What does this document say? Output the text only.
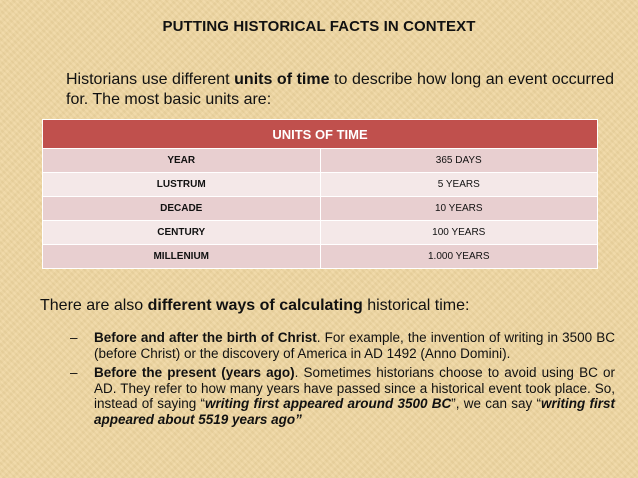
PUTTING HISTORICAL FACTS IN CONTEXT
Historians use different units of time to describe how long an event occurred for. The most basic units are:
UNITS OF TIME	
YEAR	365 DAYS
LUSTRUM	5 YEARS
DECADE	10 YEARS
CENTURY	100 YEARS
MILLENIUM	1.000 YEARS
There are also different ways of calculating historical time:
– Before and after the birth of Christ. For example, the invention of writing in 3500 BC (before Christ) or the discovery of America in AD 1492 (Anno Domini).
– Before the present (years ago). Sometimes historians choose to avoid using BC or AD. They refer to how many years have passed since a historical event took place. So, instead of saying “writing first appeared around 3500 BC”, we can say “writing first appeared about 5519 years ago”
